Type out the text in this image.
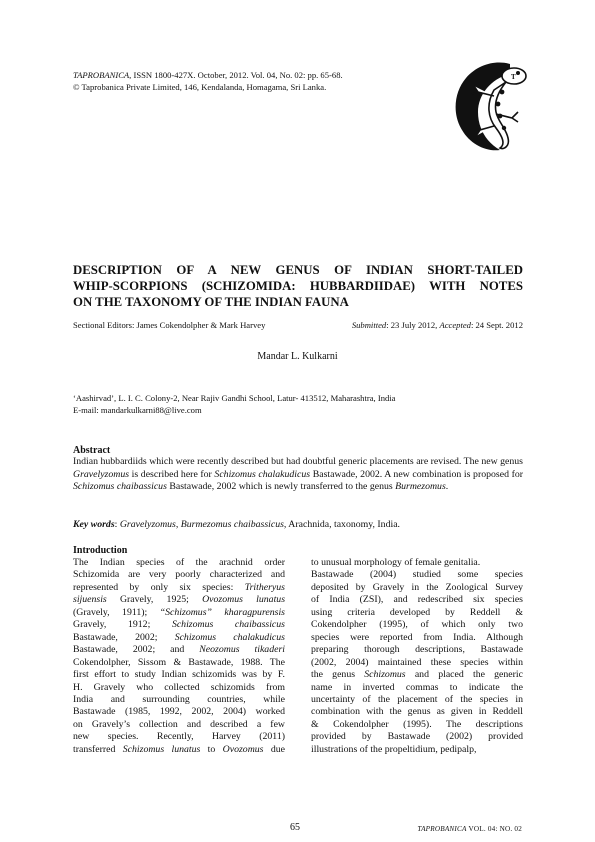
TAPROBANICA, ISSN 1800-427X. October, 2012. Vol. 04, No. 02: pp. 65-68.
© Taprobanica Private Limited, 146, Kendalanda, Homagama, Sri Lanka.
T
DESCRIPTION OF A NEW GENUS OF INDIAN SHORT-TAILED
WHIP-SCORPIONS (SCHIZOMIDA: HUBBARDIIDAE) WITH NOTES
ON THE TAXONOMY OF THE INDIAN FAUNA
Sectional Editors: James Cokendolpher & Mark Harvey	Submitted: 23 July 2012, Accepted: 24 Sept. 2012
Mandar L. Kulkarni
‘Aashirvad’, L. I. C. Colony-2, Near Rajiv Gandhi School, Latur- 413512, Maharashtra, India
E-mail: mandarkulkarni88@live.com
Abstract
Indian hubbardiids which were recently described but had doubtful generic placements are revised. The new genus Gravelyzomus is described here for Schizomus chalakudicus Bastawade, 2002. A new combination is proposed for Schizomus chaibassicus Bastawade, 2002 which is newly transferred to the genus Burmezomus.
Key words: Gravelyzomus, Burmezomus chaibassicus, Arachnida, taxonomy, India.
Introduction
The Indian species of the arachnid order
Schizomida are very poorly characterized and
represented by only six species: Tritheryus
sijuensis Gravely, 1925; Ovozomus lunatus
(Gravely, 1911); “Schizomus” kharagpurensis
Gravely, 1912; Schizomus chaibassicus
Bastawade, 2002; Schizomus chalakudicus
Bastawade, 2002; and Neozomus tikaderi
Cokendolpher, Sissom & Bastawade, 1988. The
first effort to study Indian schizomids was by F.
H. Gravely who collected schizomids from
India and surrounding countries, while
Bastawade (1985, 1992, 2002, 2004) worked
on Gravely’s collection and described a few
new species. Recently, Harvey (2011)
transferred Schizomus lunatus to Ovozomus due
to unusual morphology of female genitalia.
Bastawade (2004) studied some species
deposited by Gravely in the Zoological Survey
of India (ZSI), and redescribed six species
using criteria developed by Reddell &
Cokendolpher (1995), of which only two
species were reported from India. Although
preparing thorough descriptions, Bastawade
(2002, 2004) maintained these species within
the genus Schizomus and placed the generic
name in inverted commas to indicate the
uncertainty of the placement of the species in
combination with the genus as given in Reddell
& Cokendolpher (1995). The descriptions
provided by Bastawade (2002) provided
illustrations of the propeltidium, pedipalp,
65	TAPROBANICA VOL. 04: NO. 02
